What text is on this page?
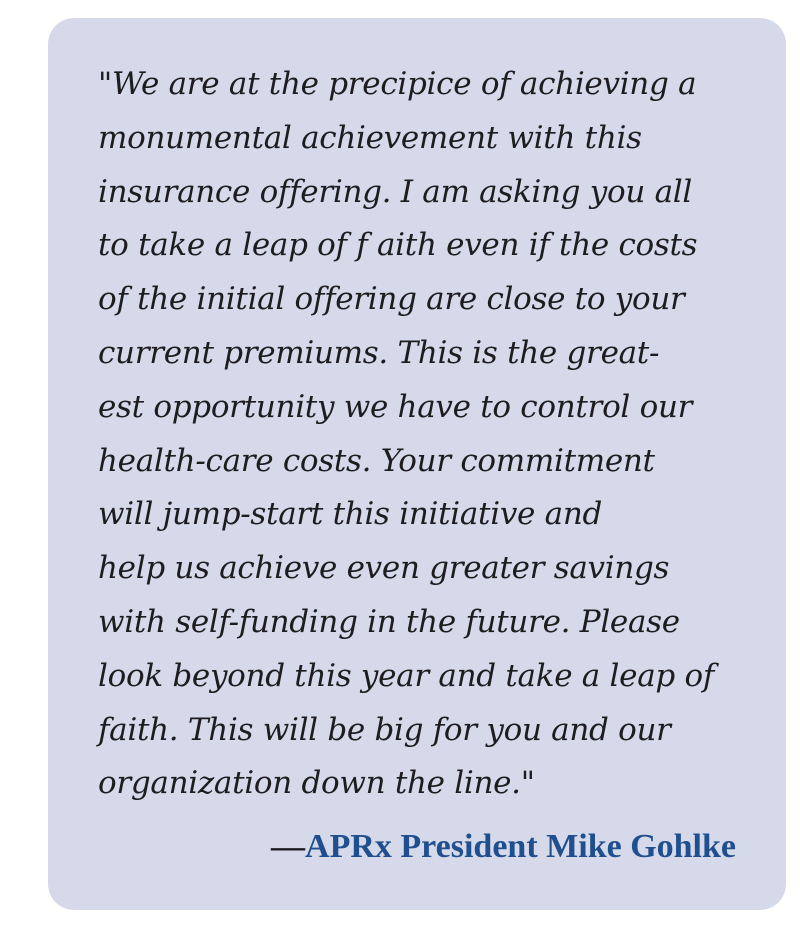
"We are at the precipice of achieving a
monumental achievement with this
insurance offering. I am asking you all
to take a leap of f aith even if the costs
of the initial offering are close to your
current premiums. This is the great-
est opportunity we have to control our
health-care costs. Your commitment
will jump-start this initiative and
help us achieve even greater savings
with self-funding in the future. Please
look beyond this year and take a leap of
faith. This will be big for you and our
organization down the line."
—APRx President Mike Gohlke
